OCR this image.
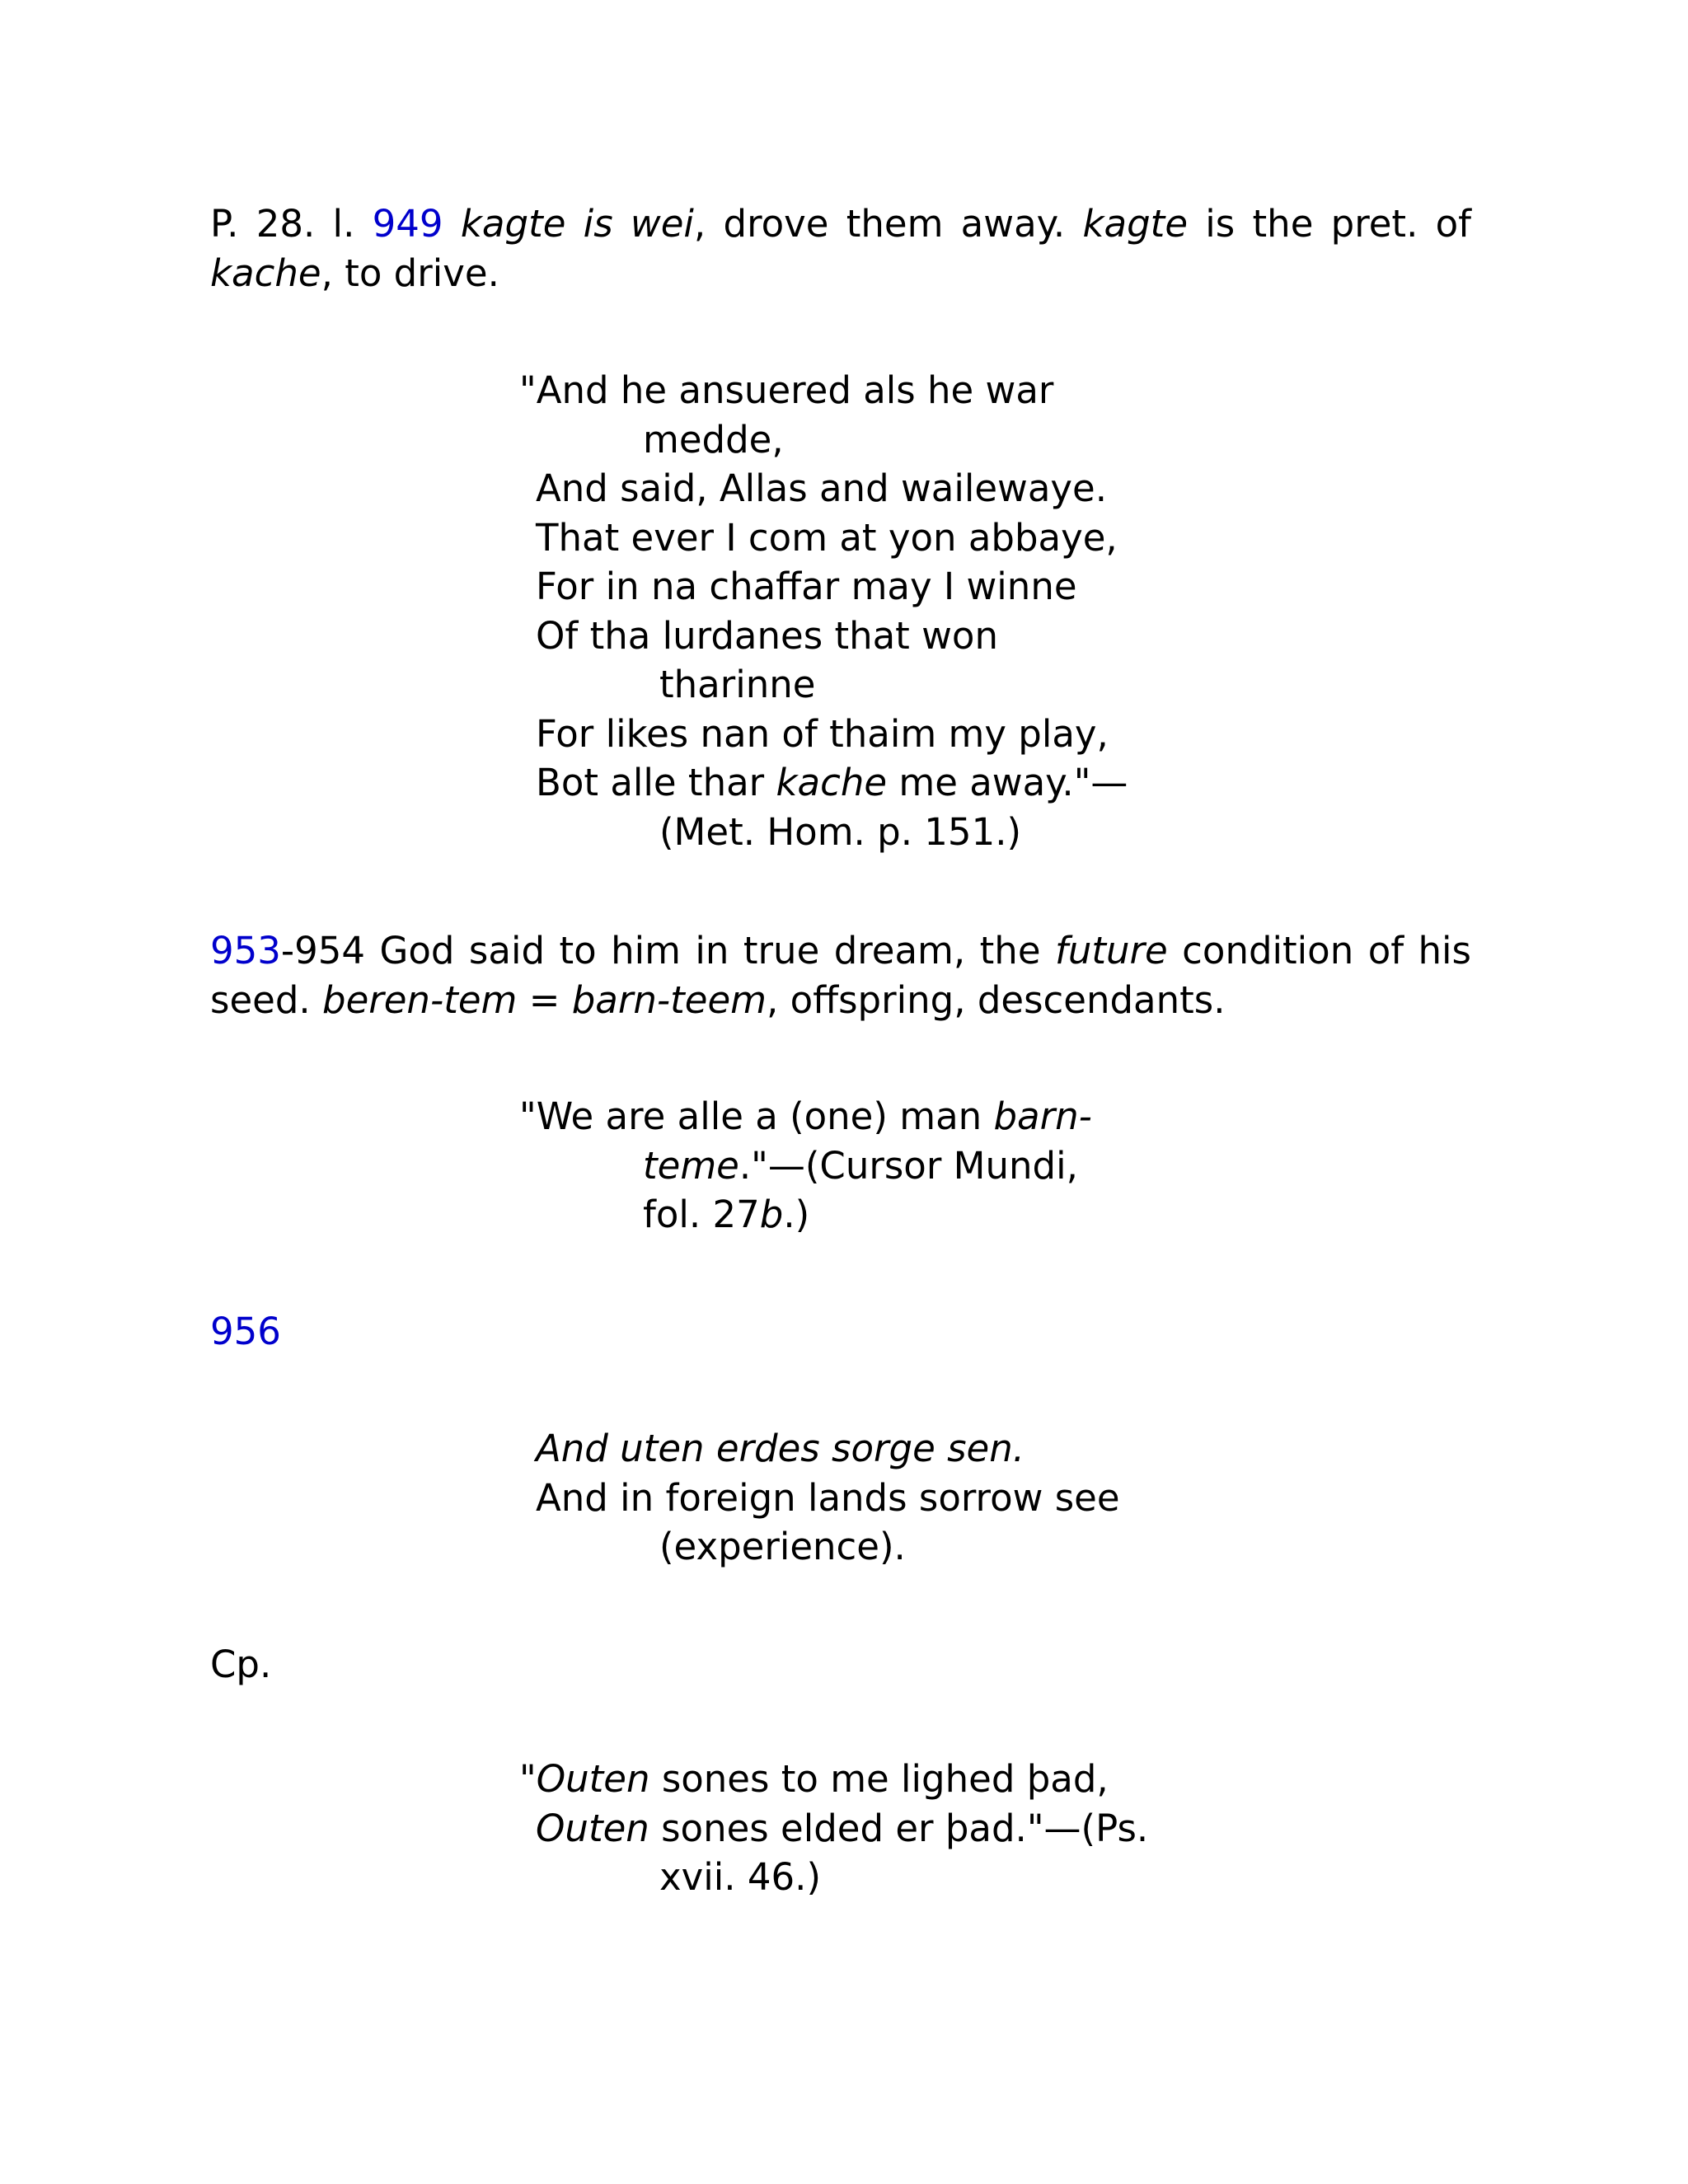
P. 28. l. 949 kagte is wei, drove them away. kagte is the pret. of kache, to drive.

"And he ansuered als he war
medde,
And said, Allas and wailewaye.
That ever I com at yon abbaye,
For in na chaffar may I winne
Of tha lurdanes that won
tharinne
For likes nan of thaim my play,
Bot alle thar kache me away."—
(Met. Hom. p. 151.)

953-954 God said to him in true dream, the future condition of his seed. beren-tem = barn-teem, offspring, descendants.

"We are alle a (one) man barn-
teme."—(Cursor Mundi,
fol. 27b.)

956

And uten erdes sorge sen.
And in foreign lands sorrow see
(experience).

Cp.

"Outen sones to me lighed þad,
Outen sones elded er þad."—(Ps.
xvii. 46.)
